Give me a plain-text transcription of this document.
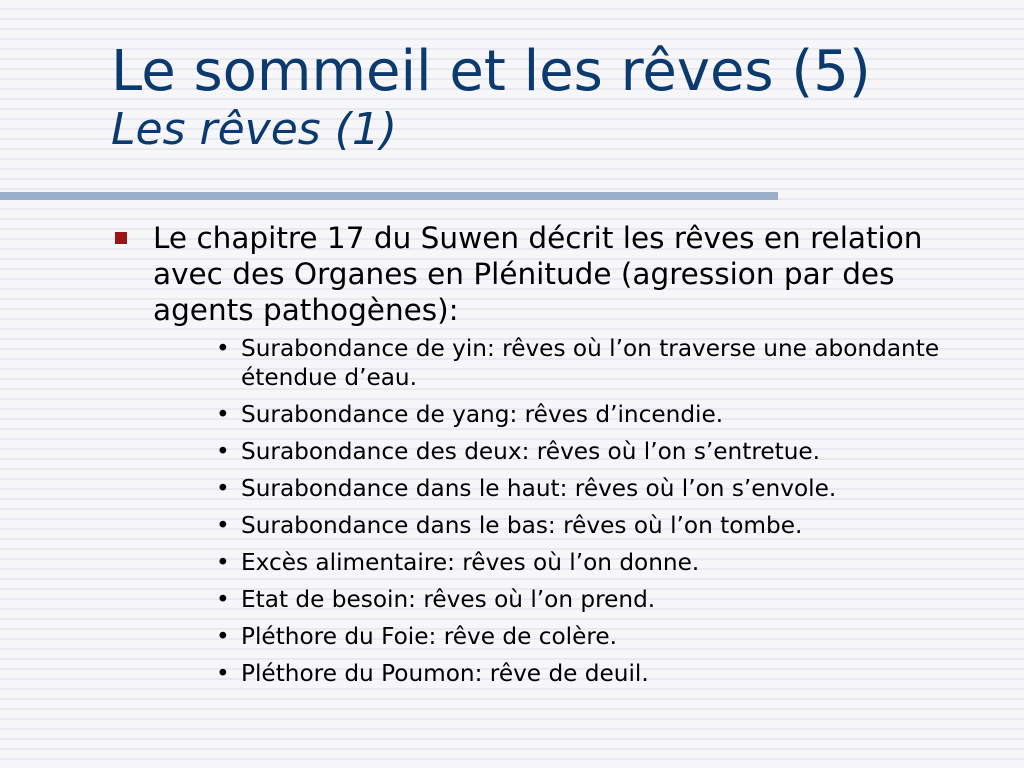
Le sommeil et les rêves (5)
Les rêves (1)
Le chapitre 17 du Suwen décrit les rêves en relation avec des Organes en Plénitude (agression par des agents pathogènes):
• Surabondance de yin: rêves où l’on traverse une abondante étendue d’eau.
• Surabondance de yang: rêves d’incendie.
• Surabondance des deux: rêves où l’on s’entretue.
• Surabondance dans le haut: rêves où l’on s’envole.
• Surabondance dans le bas: rêves où l’on tombe.
• Excès alimentaire: rêves où l’on donne.
• Etat de besoin: rêves où l’on prend.
• Pléthore du Foie: rêve de colère.
• Pléthore du Poumon: rêve de deuil.
